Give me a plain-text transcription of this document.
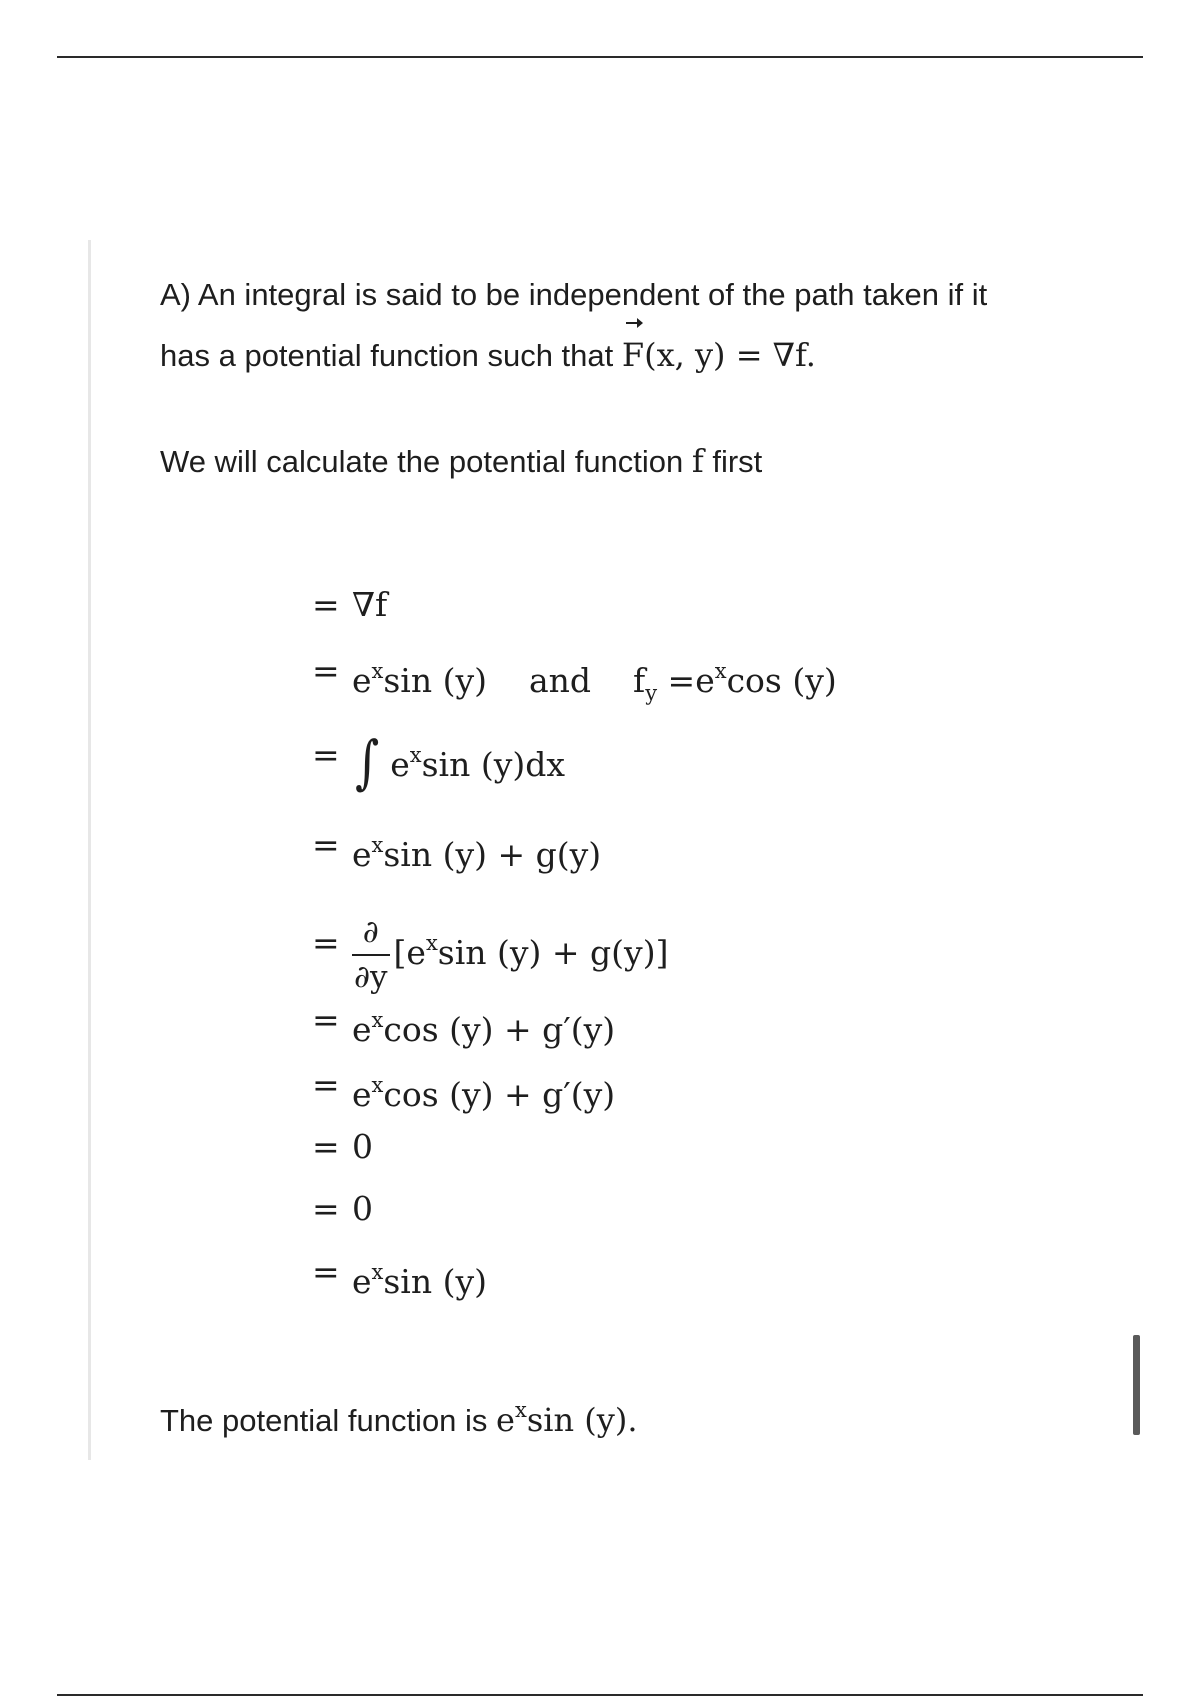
A) An integral is said to be independent of the path taken if it
has a potential function such that F(x, y) = ∇f.
We will calculate the potential function f first
= ∇f
= $e^x\sin$ (y)    and    $f_y =e^x\cos$ (y)
= ∫ $e^x\sin$ (y)dx
= $e^x\sin$ (y) + g(y)
= $\frac{\partial}{\partial y} [e^x\sin$ (y) + g(y)]
= $e^x\cos$ (y) + g′(y)
= $e^x\cos$ (y) + g′(y)
= 0
= 0
= $e^x\sin$ (y)
The potential function is $e^x\sin$ (y).
